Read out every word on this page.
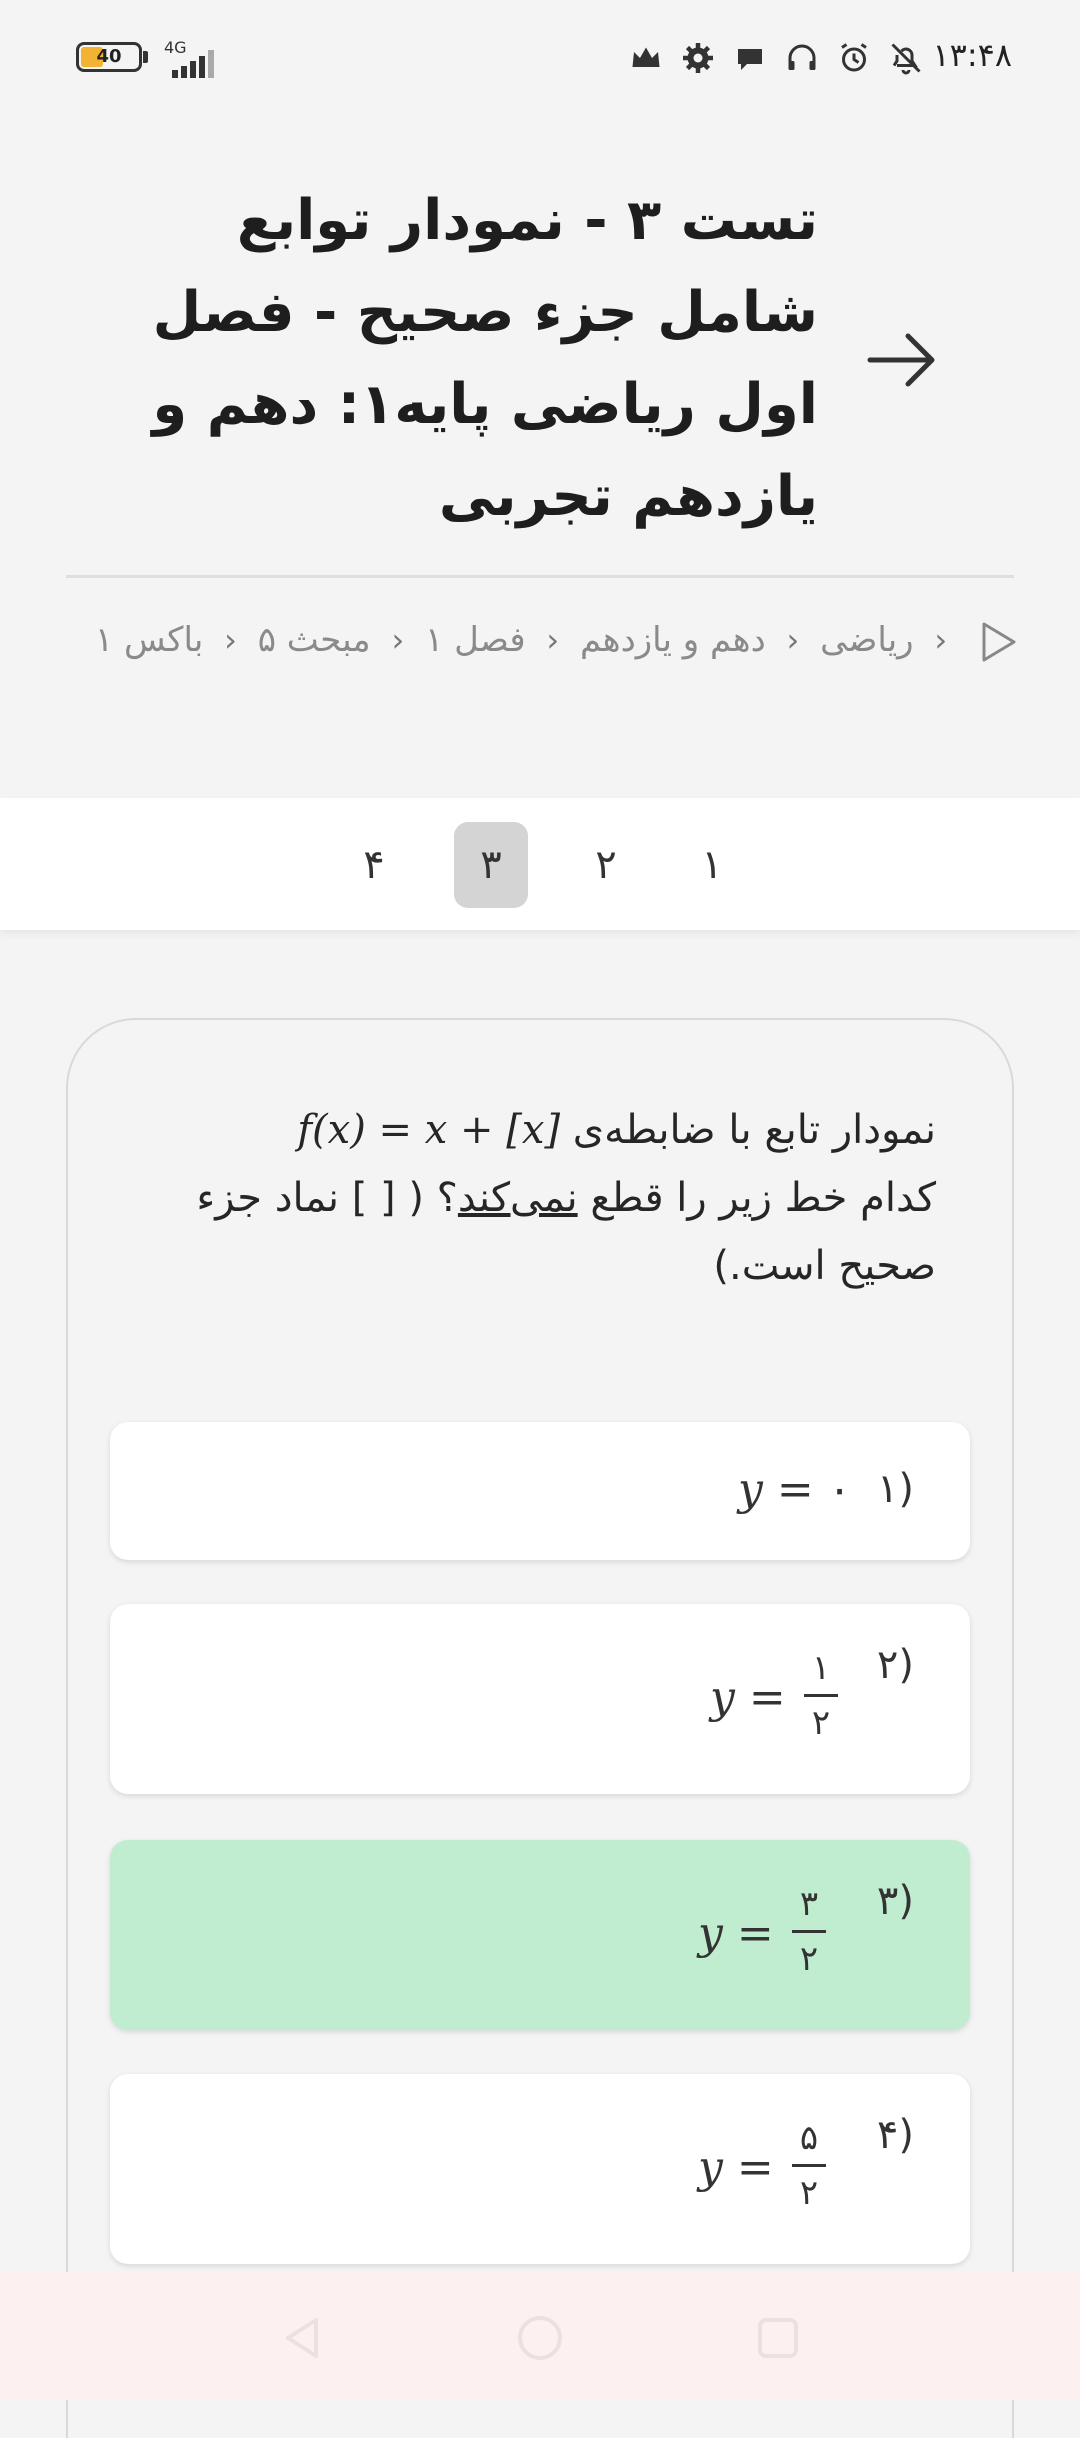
40	4G	۱۳:۴۸
تست ۳ - نمودار توابع شامل جزء صحیح - فصل اول ریاضی پایه۱: دهم و یازدهم تجربی
‹ ریاضی ‹ دهم و یازدهم ‹ فصل ۱ ‹ مبحث ۵ ‹ باکس ۱
۱
۲
۳
۴
نمودار تابع با ضابطه‌ی f(x) = x + [x]
کدام خط زیر را قطع نمی‌کند؟ ( [ ] نماد جزء صحیح است.)
(۱
y = ۰
(۲
y =
۱
۲
(۳
y =
۳
۲
(۴
y =
۵
۲
